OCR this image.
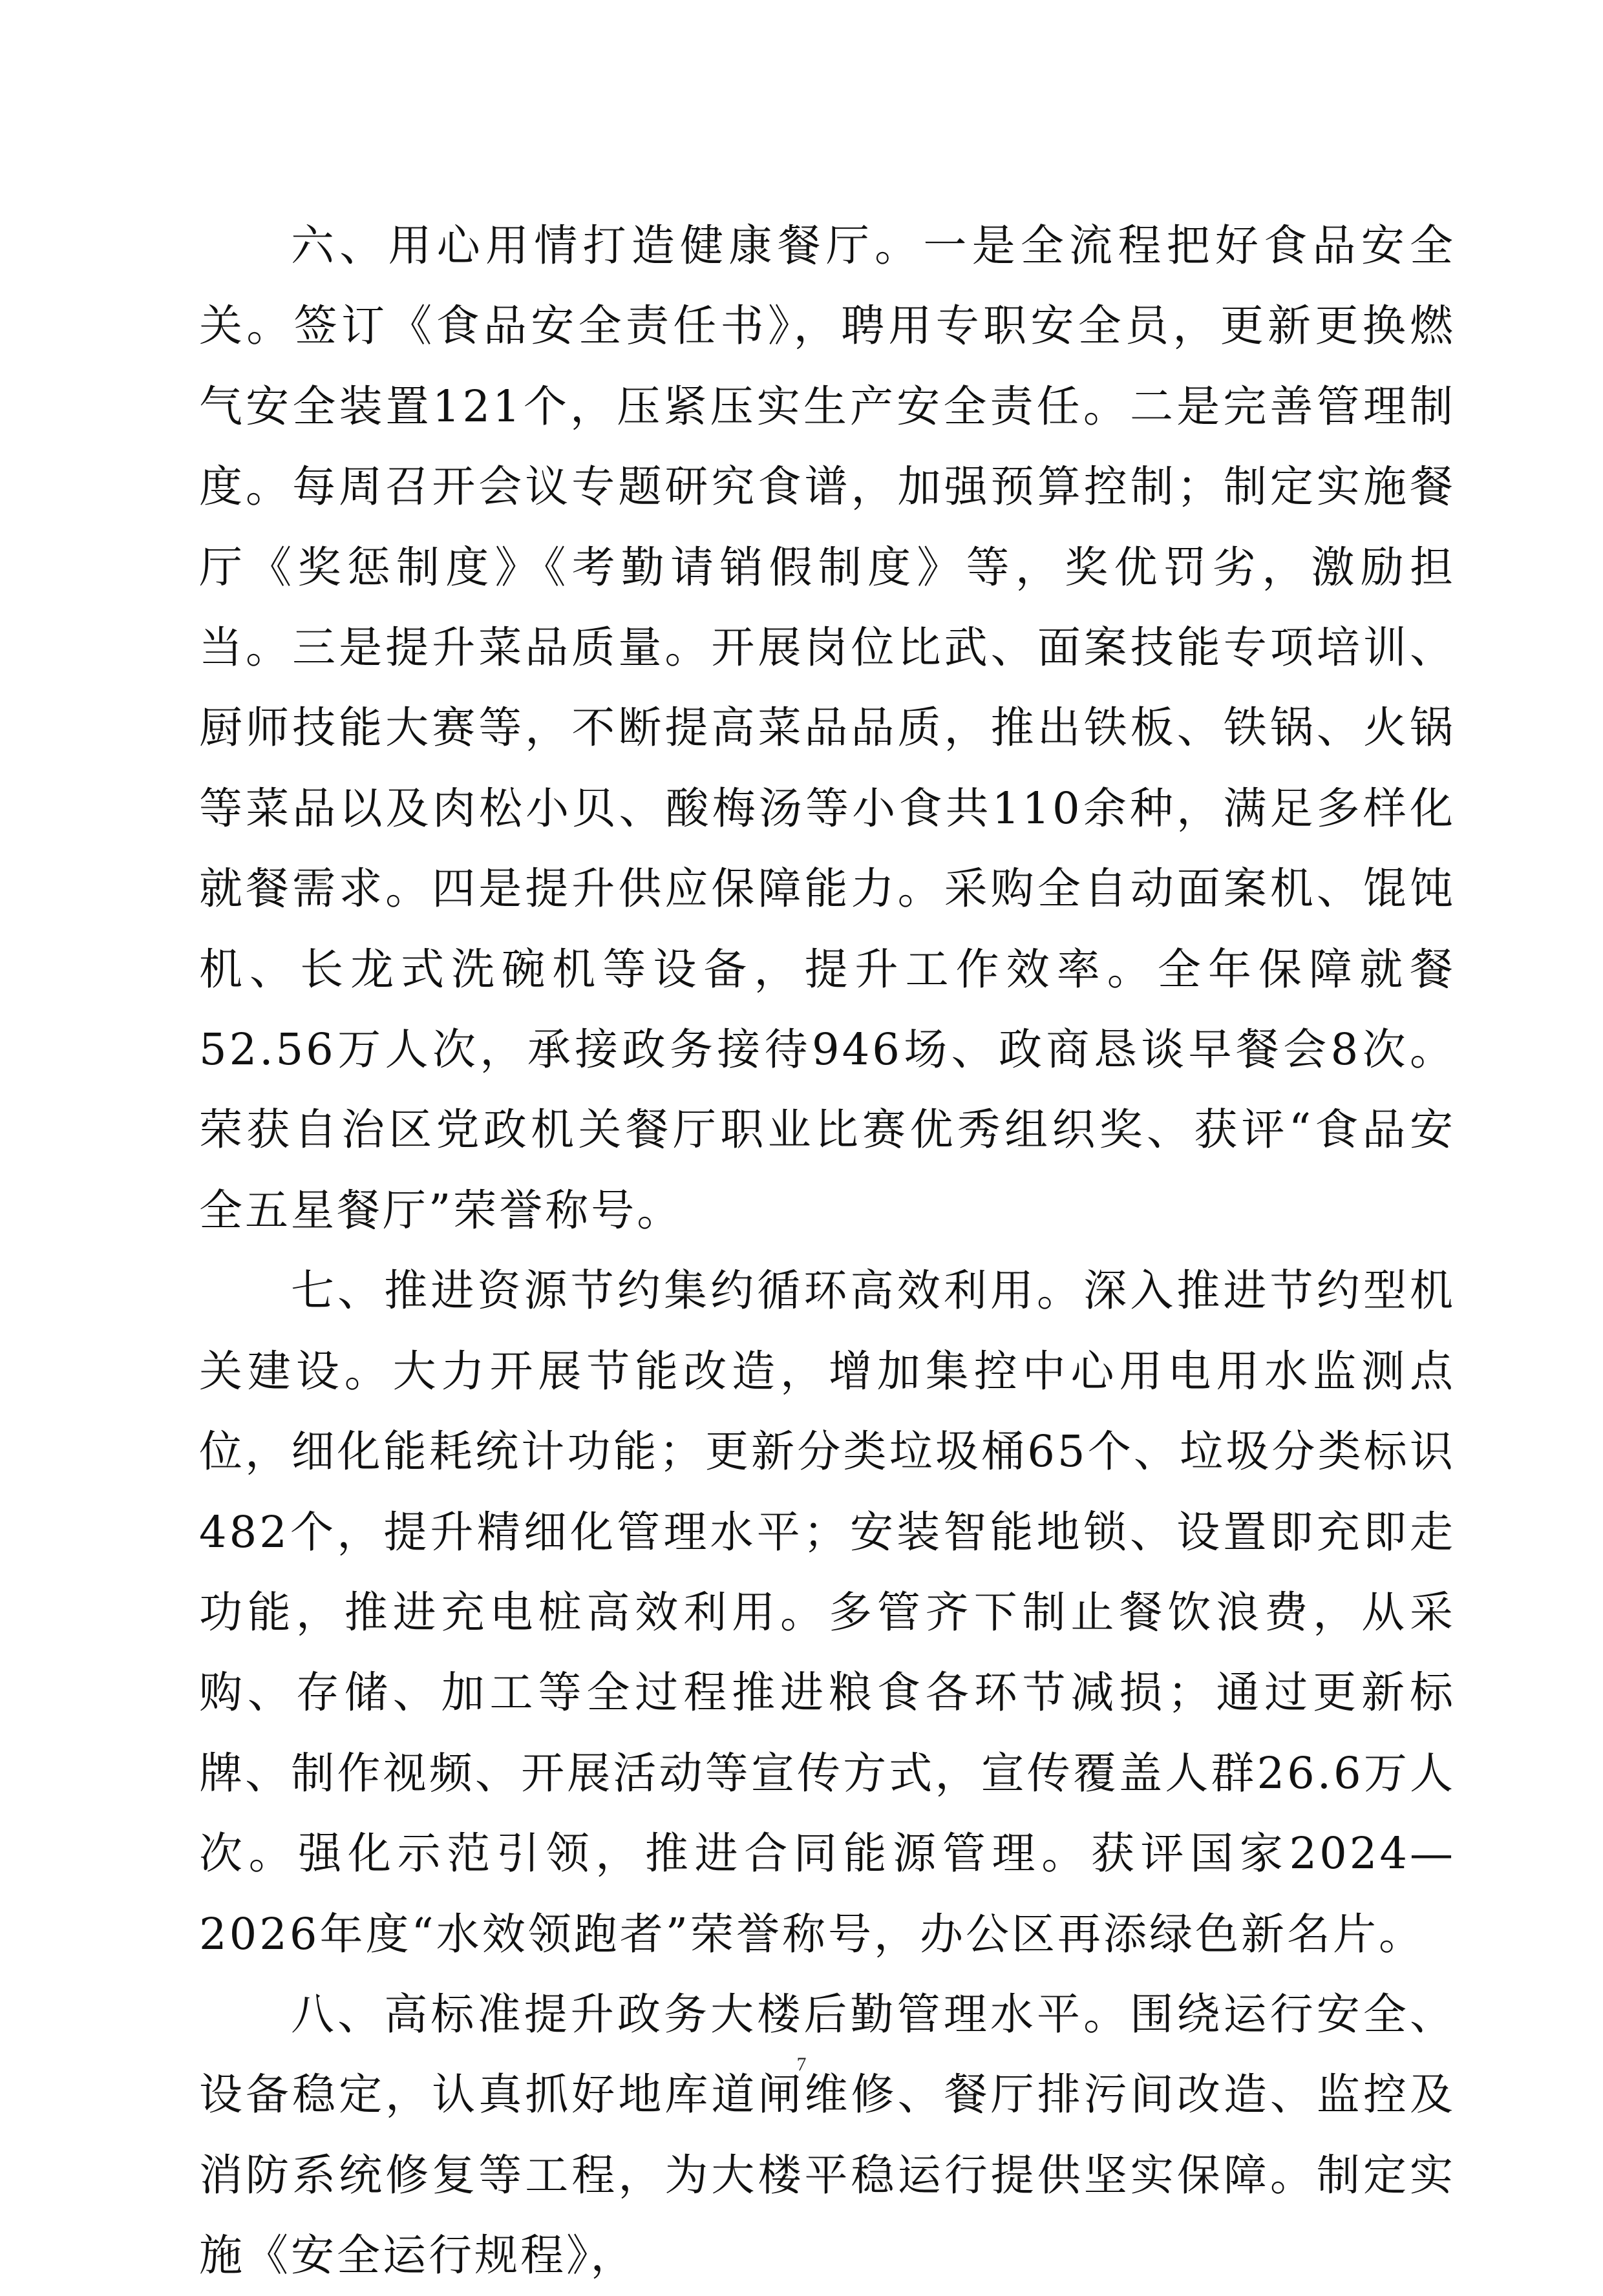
六、用心用情打造健康餐厅。一是全流程把好食品安全关。签订《食品安全责任书》，聘用专职安全员，更新更换燃气安全装置121个，压紧压实生产安全责任。二是完善管理制度。每周召开会议专题研究食谱，加强预算控制；制定实施餐厅《奖惩制度》《考勤请销假制度》等，奖优罚劣，激励担当。三是提升菜品质量。开展岗位比武、面案技能专项培训、厨师技能大赛等，不断提高菜品品质，推出铁板、铁锅、火锅等菜品以及肉松小贝、酸梅汤等小食共110余种，满足多样化就餐需求。四是提升供应保障能力。采购全自动面案机、馄饨机、长龙式洗碗机等设备，提升工作效率。全年保障就餐52.56万人次，承接政务接待946场、政商恳谈早餐会8次。荣获自治区党政机关餐厅职业比赛优秀组织奖、获评“食品安全五星餐厅”荣誉称号。

七、推进资源节约集约循环高效利用。深入推进节约型机关建设。大力开展节能改造，增加集控中心用电用水监测点位，细化能耗统计功能；更新分类垃圾桶65个、垃圾分类标识482个，提升精细化管理水平；安装智能地锁、设置即充即走功能，推进充电桩高效利用。多管齐下制止餐饮浪费，从采购、存储、加工等全过程推进粮食各环节减损；通过更新标牌、制作视频、开展活动等宣传方式，宣传覆盖人群26.6万人次。强化示范引领，推进合同能源管理。获评国家2024—2026年度“水效领跑者”荣誉称号，办公区再添绿色新名片。

八、高标准提升政务大楼后勤管理水平。围绕运行安全、设备稳定，认真抓好地库道闸维修、餐厅排污间改造、监控及消防系统修复等工程，为大楼平稳运行提供坚实保障。制定实施《安全运行规程》，

7
